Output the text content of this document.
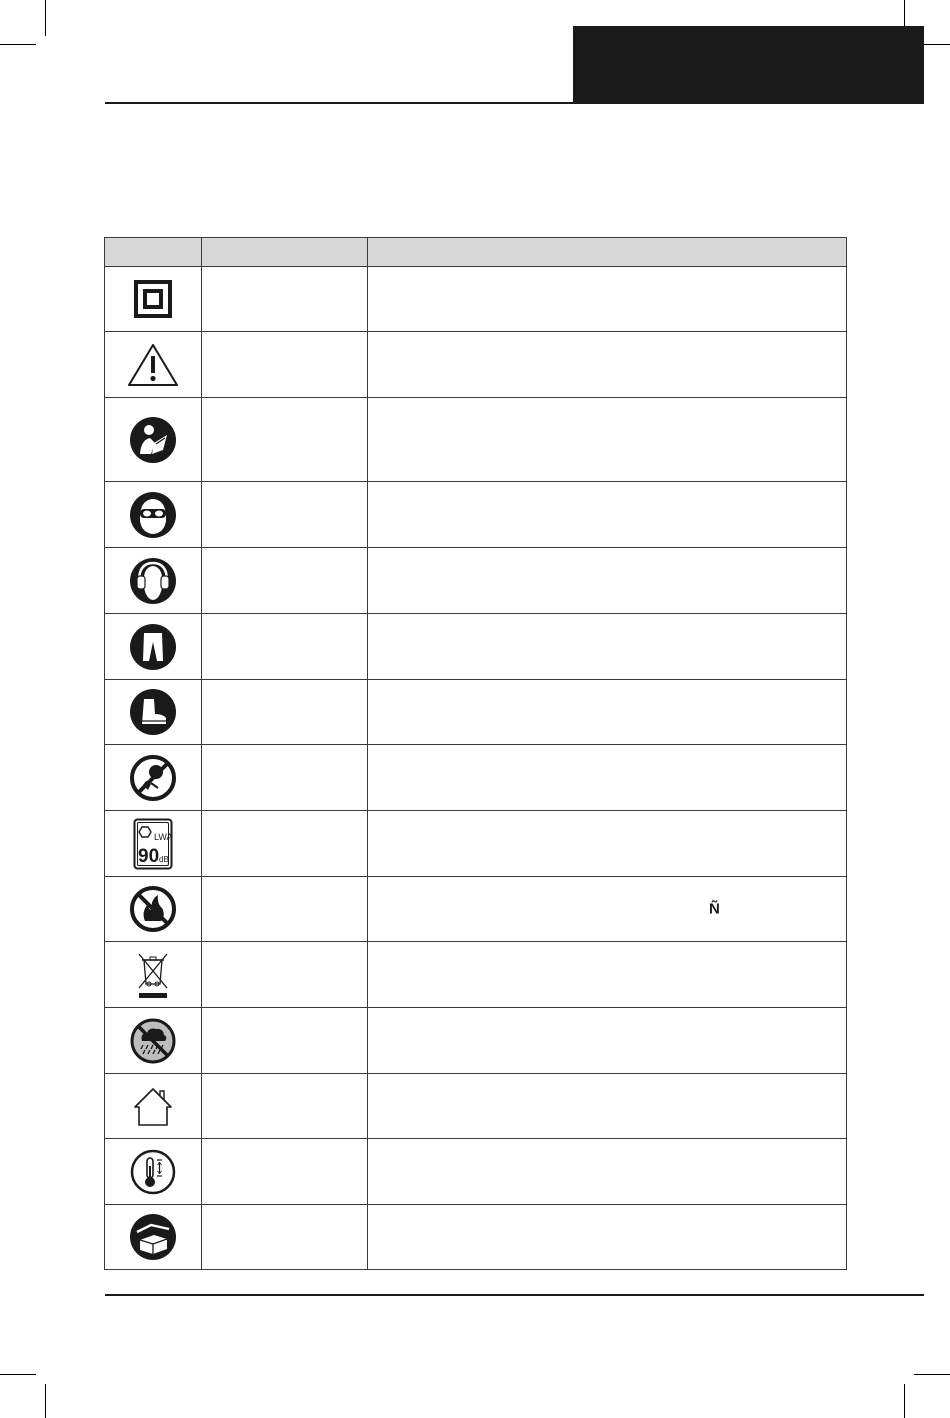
LWA
90 dB		

Ñ
